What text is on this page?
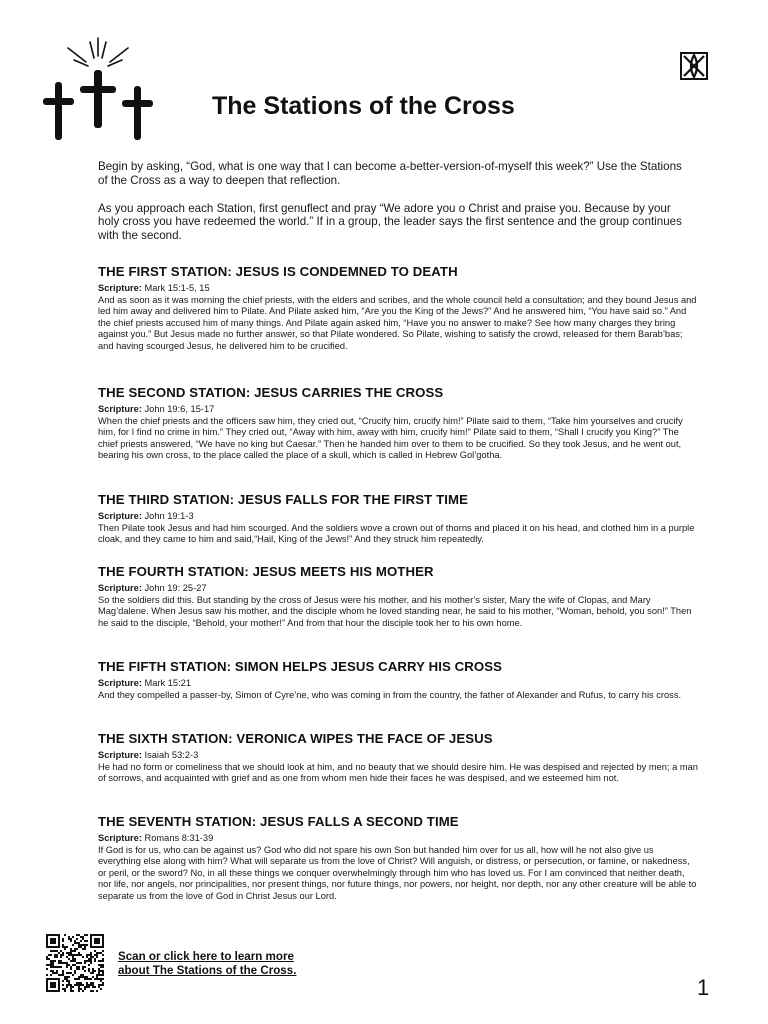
The Stations of the Cross

Begin by asking, “God, what is one way that I can become a-better-version-of-myself this week?” Use the Stations of the Cross as a way to deepen that reflection.

As you approach each Station, first genuflect and pray “We adore you o Christ and praise you. Because by your holy cross you have redeemed the world.” If in a group, the leader says the first sentence and the group continues with the second.

THE FIRST STATION: JESUS IS CONDEMNED TO DEATH

Scripture: Mark 15:1-5, 15

And as soon as it was morning the chief priests, with the elders and scribes, and the whole council held a consultation; and they bound Jesus and led him away and delivered him to Pilate. And Pilate asked him, “Are you the King of the Jews?” And he answered him, “You have said so.” And the chief priests accused him of many things. And Pilate again asked him, “Have you no answer to make? See how many charges they bring against you.” But Jesus made no further answer, so that Pilate wondered. So Pilate, wishing to satisfy the crowd, released for them Barab’bas; and having scourged Jesus, he delivered him to be crucified.

THE SECOND STATION: JESUS CARRIES THE CROSS

Scripture: John 19:6, 15-17

When the chief priests and the officers saw him, they cried out, “Crucify him, crucify him!” Pilate said to them, “Take him yourselves and crucify him, for I find no crime in him.” They cried out, “Away with him, away with him, crucify him!” Pilate said to them, “Shall I crucify you King?” The chief priests answered, “We have no king but Caesar.” Then he handed him over to them to be crucified. So they took Jesus, and he went out, bearing his own cross, to the place called the place of a skull, which is called in Hebrew Gol’gotha.

THE THIRD STATION: JESUS FALLS FOR THE FIRST TIME

Scripture: John 19:1-3

Then Pilate took Jesus and had him scourged. And the soldiers wove a crown out of thorns and placed it on his head, and clothed him in a purple cloak, and they came to him and said,“Hail, King of the Jews!” And they struck him repeatedly.

THE FOURTH STATION: JESUS MEETS HIS MOTHER

Scripture: John 19: 25-27

So the soldiers did this. But standing by the cross of Jesus were his mother, and his mother’s sister, Mary the wife of Clopas, and Mary Mag’dalene. When Jesus saw his mother, and the disciple whom he loved standing near, he said to his mother, “Woman, behold, you son!” Then he said to the disciple, “Behold, your mother!” And from that hour the disciple took her to his own home.

THE FIFTH STATION: SIMON HELPS JESUS CARRY HIS CROSS

Scripture: Mark 15:21

And they compelled a passer-by, Simon of Cyre’ne, who was coming in from the country, the father of Alexander and Rufus, to carry his cross.

THE SIXTH STATION: VERONICA WIPES THE FACE OF JESUS

Scripture: Isaiah 53:2-3

He had no form or comeliness that we should look at him, and no beauty that we should desire him. He was despised and rejected by men; a man of sorrows, and acquainted with grief and as one from whom men hide their faces he was despised, and we esteemed him not.

THE SEVENTH STATION: JESUS FALLS A SECOND TIME

Scripture: Romans 8:31-39

If God is for us, who can be against us? God who did not spare his own Son but handed him over for us all, how will he not also give us everything else along with him? What will separate us from the love of Christ? Will anguish, or distress, or persecution, or famine, or nakedness, or peril, or the sword? No, in all these things we conquer overwhelmingly through him who has loved us. For I am convinced that neither death, nor life, nor angels, nor principalities, nor present things, nor future things, nor powers, nor height, nor depth, nor any other creature will be able to separate us from the love of God in Christ Jesus our Lord.

Scan or click here to learn more
about The Stations of the Cross.
1
